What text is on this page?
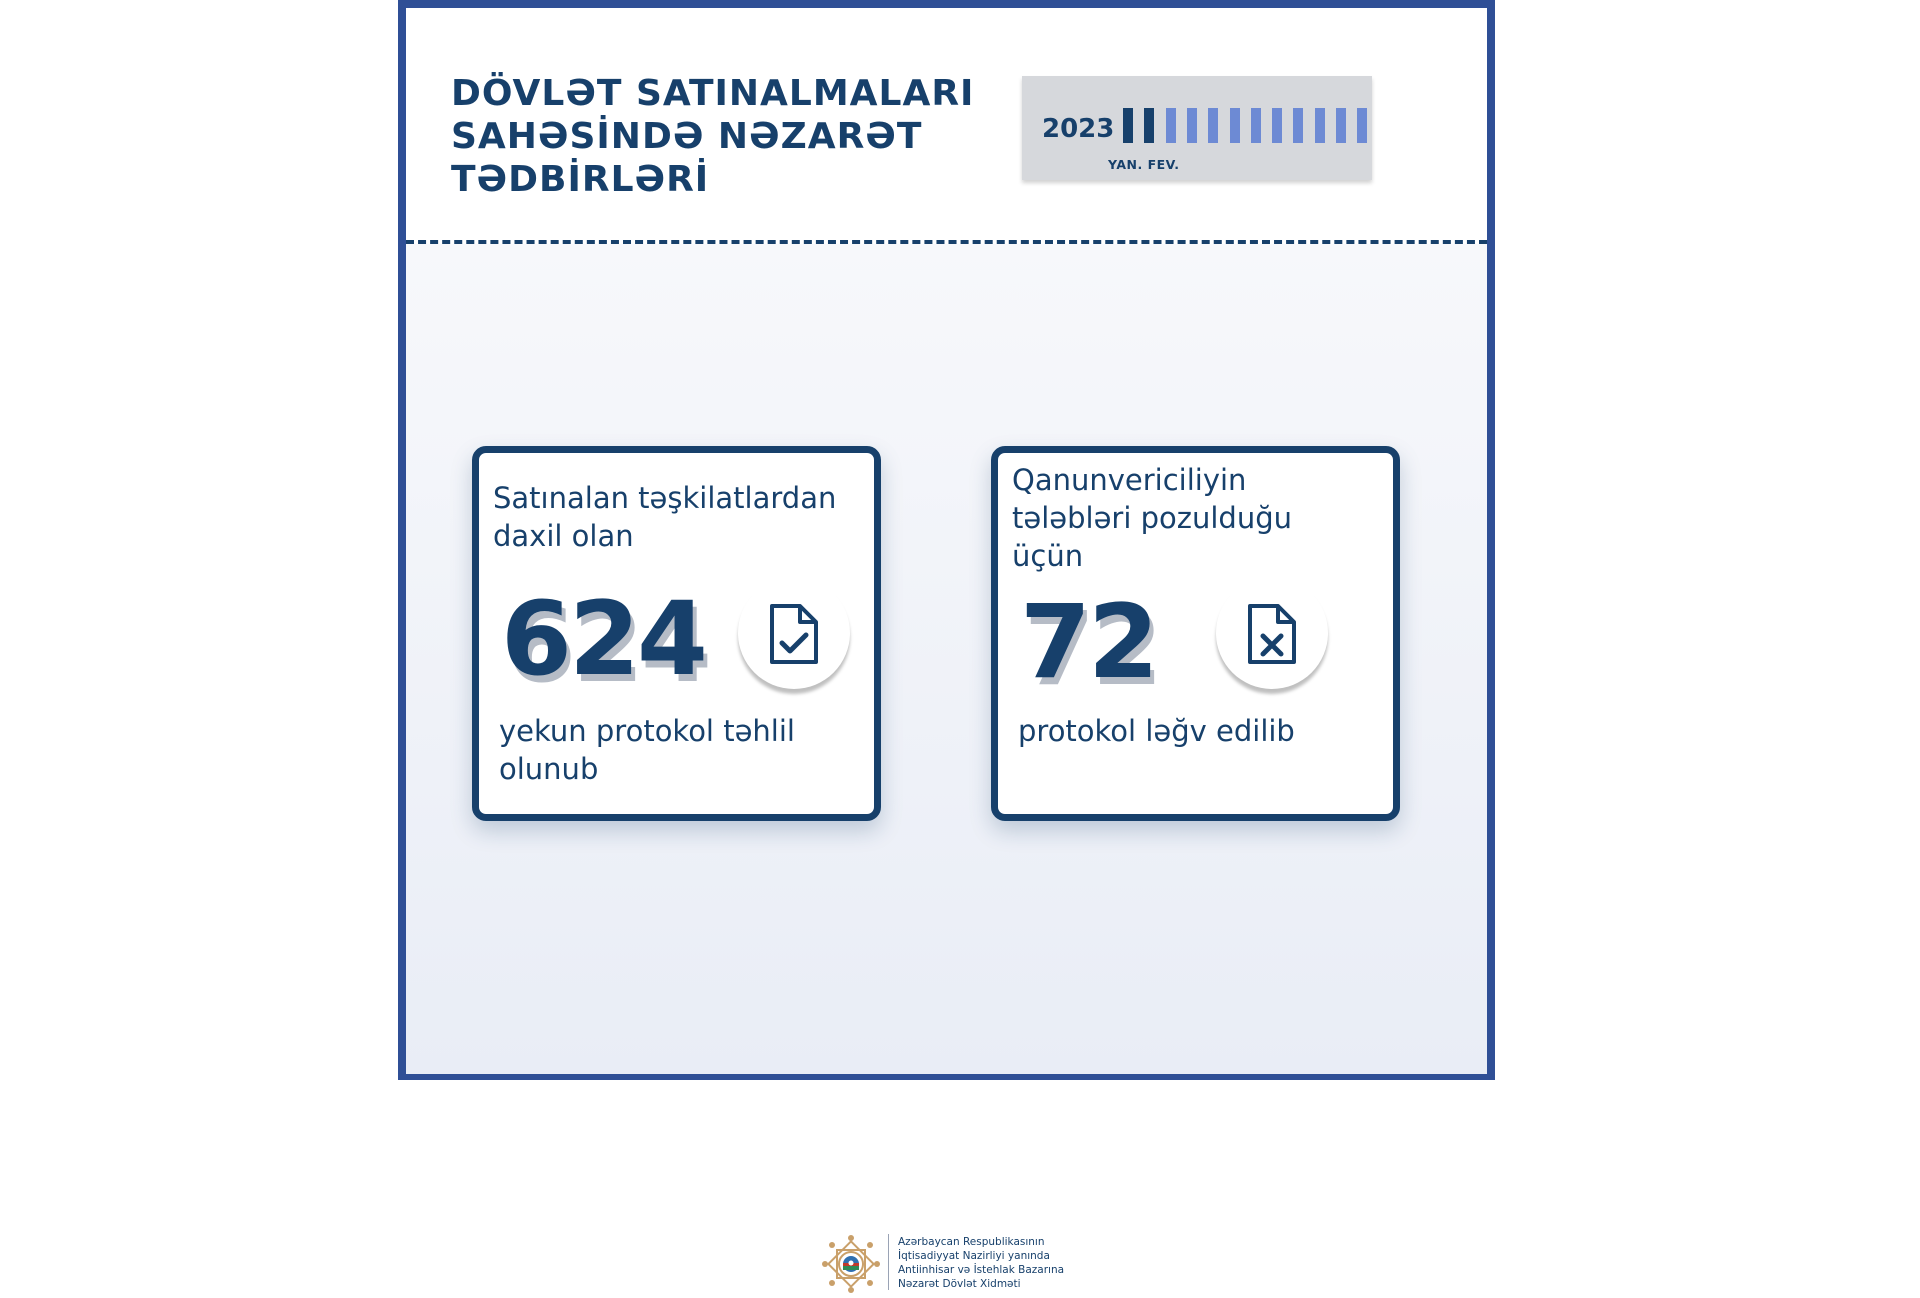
DÖVLƏT SATINALMALARI
SAHƏSİNDƏ NƏZARƏT
TƏDBİRLƏRİ
2023
YAN. FEV.

Satınalan təşkilatlardan
daxil olan

624

yekun protokol təhlil
olunub

Qanunvericiliyin
tələbləri pozulduğu
üçün

72

protokol ləğv edilib

Azərbaycan Respublikasının
İqtisadiyyat Nazirliyi yanında
Antiinhisar və İstehlak Bazarına
Nəzarət Dövlət Xidməti
